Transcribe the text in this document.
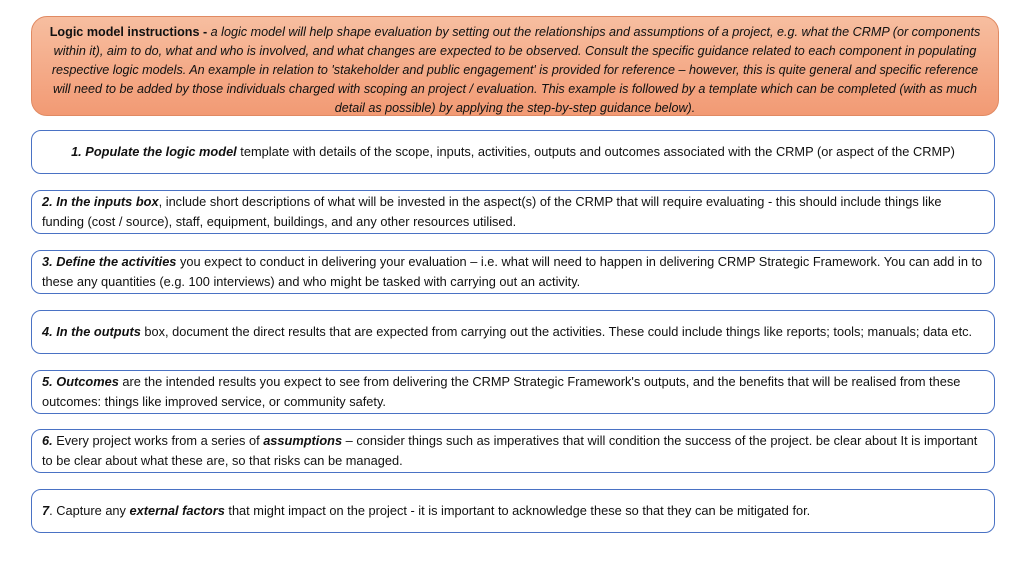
Logic model instructions - a logic model will help shape evaluation by setting out the relationships and assumptions of a project, e.g. what the CRMP (or components within it), aim to do, what and who is involved, and what changes are expected to be observed. Consult the specific guidance related to each component in populating respective logic models. An example in relation to 'stakeholder and public engagement' is provided for reference – however, this is quite general and specific reference will need to be added by those individuals charged with scoping an project / evaluation. This example is followed by a template which can be completed (with as much detail as possible) by applying the step-by-step guidance below).
1. Populate the logic model template with details of the scope, inputs, activities, outputs and outcomes associated with the CRMP (or aspect of the CRMP)
2. In the inputs box, include short descriptions of what will be invested in the aspect(s) of the CRMP that will require evaluating - this should include things like funding (cost / source), staff, equipment, buildings, and any other resources utilised.
3. Define the activities you expect to conduct in delivering your evaluation – i.e. what will need to happen in delivering CRMP Strategic Framework. You can add in to these any quantities (e.g. 100 interviews) and who might be tasked with carrying out an activity.
4. In the outputs box, document the direct results that are expected from carrying out the activities. These could include things like reports; tools; manuals; data etc.
5. Outcomes are the intended results you expect to see from delivering the CRMP Strategic Framework's outputs, and the benefits that will be realised from these outcomes: things like improved service, or community safety.
6. Every project works from a series of assumptions – consider things such as imperatives that will condition the success of the project. be clear about It is important to be clear about what these are, so that risks can be managed.
7. Capture any external factors that might impact on the project - it is important to acknowledge these so that they can be mitigated for.
